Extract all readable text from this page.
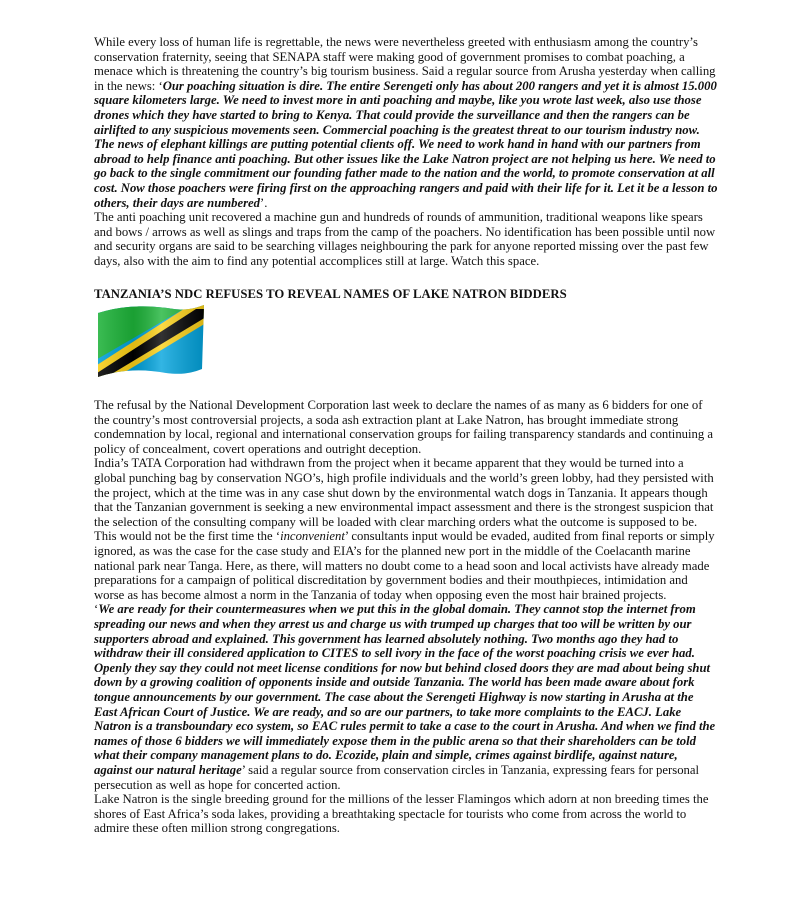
While every loss of human life is regrettable, the news were nevertheless greeted with enthusiasm among the country’s conservation fraternity, seeing that SENAPA staff were making good of government promises to combat poaching, a menace which is threatening the country’s big tourism business. Said a regular source from Arusha yesterday when calling in the news: ‘Our poaching situation is dire. The entire Serengeti only has about 200 rangers and yet it is almost 15.000 square kilometers large. We need to invest more in anti poaching and maybe, like you wrote last week, also use those drones which they have started to bring to Kenya. That could provide the surveillance and then the rangers can be airlifted to any suspicious movements seen. Commercial poaching is the greatest threat to our tourism industry now. The news of elephant killings are putting potential clients off. We need to work hand in hand with our partners from abroad to help finance anti poaching. But other issues like the Lake Natron project are not helping us here. We need to go back to the single commitment our founding father made to the nation and the world, to promote conservation at all cost. Now those poachers were firing first on the approaching rangers and paid with their life for it. Let it be a lesson to others, their days are numbered’.

The anti poaching unit recovered a machine gun and hundreds of rounds of ammunition, traditional weapons like spears and bows / arrows as well as slings and traps from the camp of the poachers. No identification has been possible until now and security organs are said to be searching villages neighbouring the park for anyone reported missing over the past few days, also with the aim to find any potential accomplices still at large. Watch this space.

TANZANIA’S NDC REFUSES TO REVEAL NAMES OF LAKE NATRON BIDDERS

The refusal by the National Development Corporation last week to declare the names of as many as 6 bidders for one of the country’s most controversial projects, a soda ash extraction plant at Lake Natron, has brought immediate strong condemnation by local, regional and international conservation groups for failing transparency standards and continuing a policy of concealment, covert operations and outright deception.

India’s TATA Corporation had withdrawn from the project when it became apparent that they would be turned into a global punching bag by conservation NGO’s, high profile individuals and the world’s green lobby, had they persisted with the project, which at the time was in any case shut down by the environmental watch dogs in Tanzania. It appears though that the Tanzanian government is seeking a new environmental impact assessment and there is the strongest suspicion that the selection of the consulting company will be loaded with clear marching orders what the outcome is supposed to be. This would not be the first time the ‘inconvenient’ consultants input would be evaded, audited from final reports or simply ignored, as was the case for the case study and EIA’s for the planned new port in the middle of the Coelacanth marine national park near Tanga. Here, as there, will matters no doubt come to a head soon and local activists have already made preparations for a campaign of political discreditation by government bodies and their mouthpieces, intimidation and worse as has become almost a norm in the Tanzania of today when opposing even the most hair brained projects.

‘We are ready for their countermeasures when we put this in the global domain. They cannot stop the internet from spreading our news and when they arrest us and charge us with trumped up charges that too will be written by our supporters abroad and explained. This government has learned absolutely nothing. Two months ago they had to withdraw their ill considered application to CITES to sell ivory in the face of the worst poaching crisis we ever had. Openly they say they could not meet license conditions for now but behind closed doors they are mad about being shut down by a growing coalition of opponents inside and outside Tanzania. The world has been made aware about fork tongue announcements by our government. The case about the Serengeti Highway is now starting in Arusha at the East African Court of Justice. We are ready, and so are our partners, to take more complaints to the EACJ. Lake Natron is a transboundary eco system, so EAC rules permit to take a case to the court in Arusha. And when we find the names of those 6 bidders we will immediately expose them in the public arena so that their shareholders can be told what their company management plans to do. Ecozide, plain and simple, crimes against birdlife, against nature, against our natural heritage’ said a regular source from conservation circles in Tanzania, expressing fears for personal persecution as well as hope for concerted action.

Lake Natron is the single breeding ground for the millions of the lesser Flamingos which adorn at non breeding times the shores of East Africa’s soda lakes, providing a breathtaking spectacle for tourists who come from across the world to admire these often million strong congregations.
